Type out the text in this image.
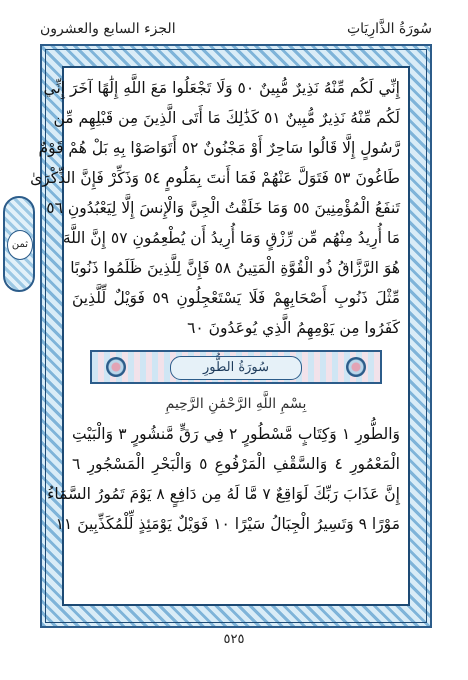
سُورَةُ الذَّارِيَاتِ
الجزء السابع والعشرون
ثمن
إِنِّي لَكُم مِّنْهُ نَذِيرٌ مُّبِينٌ ٥٠ وَلَا تَجْعَلُوا مَعَ اللَّهِ إِلَٰهًا آخَرَ إِنِّي
لَكُم مِّنْهُ نَذِيرٌ مُّبِينٌ ٥١ كَذَٰلِكَ مَا أَتَى الَّذِينَ مِن قَبْلِهِم مِّن
رَّسُولٍ إِلَّا قَالُوا سَاحِرٌ أَوْ مَجْنُونٌ ٥٢ أَتَوَاصَوْا بِهِ بَلْ هُمْ قَوْمٌ
طَاغُونَ ٥٣ فَتَوَلَّ عَنْهُمْ فَمَا أَنتَ بِمَلُومٍ ٥٤ وَذَكِّرْ فَإِنَّ الذِّكْرَىٰ
تَنفَعُ الْمُؤْمِنِينَ ٥٥ وَمَا خَلَقْتُ الْجِنَّ وَالْإِنسَ إِلَّا لِيَعْبُدُونِ ٥٦
مَا أُرِيدُ مِنْهُم مِّن رِّزْقٍ وَمَا أُرِيدُ أَن يُطْعِمُونِ ٥٧ إِنَّ اللَّهَ
هُوَ الرَّزَّاقُ ذُو الْقُوَّةِ الْمَتِينُ ٥٨ فَإِنَّ لِلَّذِينَ ظَلَمُوا ذَنُوبًا
مِّثْلَ ذَنُوبِ أَصْحَابِهِمْ فَلَا يَسْتَعْجِلُونِ ٥٩ فَوَيْلٌ لِّلَّذِينَ
كَفَرُوا مِن يَوْمِهِمُ الَّذِي يُوعَدُونَ ٦٠
سُورَةُ الطُّورِ
بِسْمِ اللَّهِ الرَّحْمَٰنِ الرَّحِيمِ
وَالطُّورِ ١ وَكِتَابٍ مَّسْطُورٍ ٢ فِي رَقٍّ مَّنشُورٍ ٣ وَالْبَيْتِ
الْمَعْمُورِ ٤ وَالسَّقْفِ الْمَرْفُوعِ ٥ وَالْبَحْرِ الْمَسْجُورِ ٦
إِنَّ عَذَابَ رَبِّكَ لَوَاقِعٌ ٧ مَّا لَهُ مِن دَافِعٍ ٨ يَوْمَ تَمُورُ السَّمَاءُ
مَوْرًا ٩ وَتَسِيرُ الْجِبَالُ سَيْرًا ١٠ فَوَيْلٌ يَوْمَئِذٍ لِّلْمُكَذِّبِينَ ١١
٥٢٥
